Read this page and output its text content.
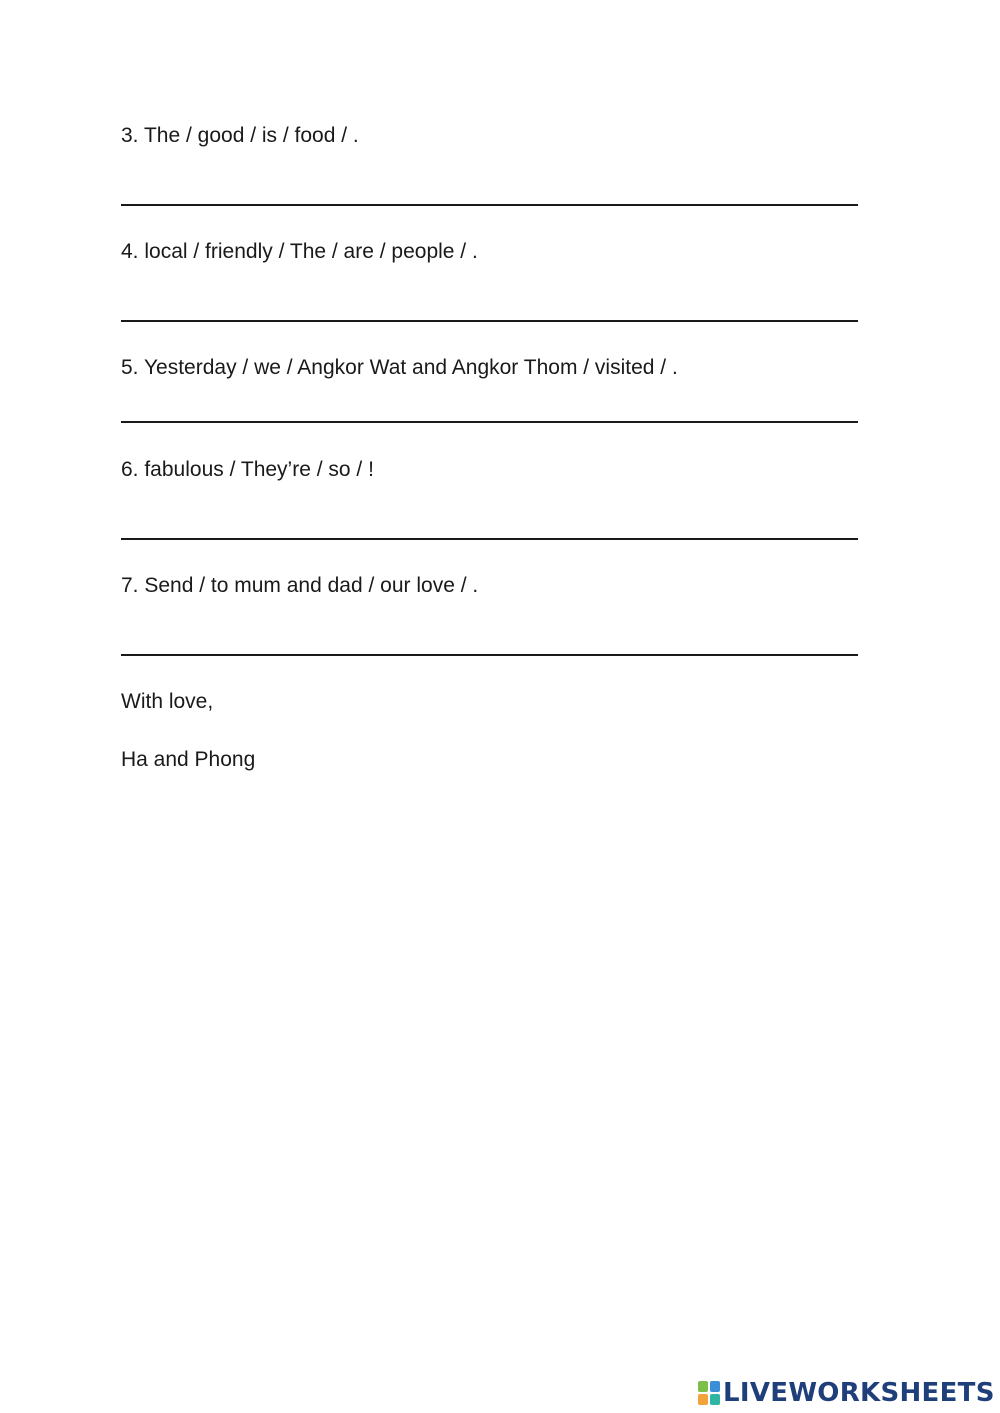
3. The / good / is / food / .
4. local / friendly / The / are / people / .
5. Yesterday / we / Angkor Wat and Angkor Thom / visited / .
6. fabulous / They’re / so / !
7. Send / to mum and dad / our love / .
With love,
Ha and Phong
LIVEWORKSHEETS
